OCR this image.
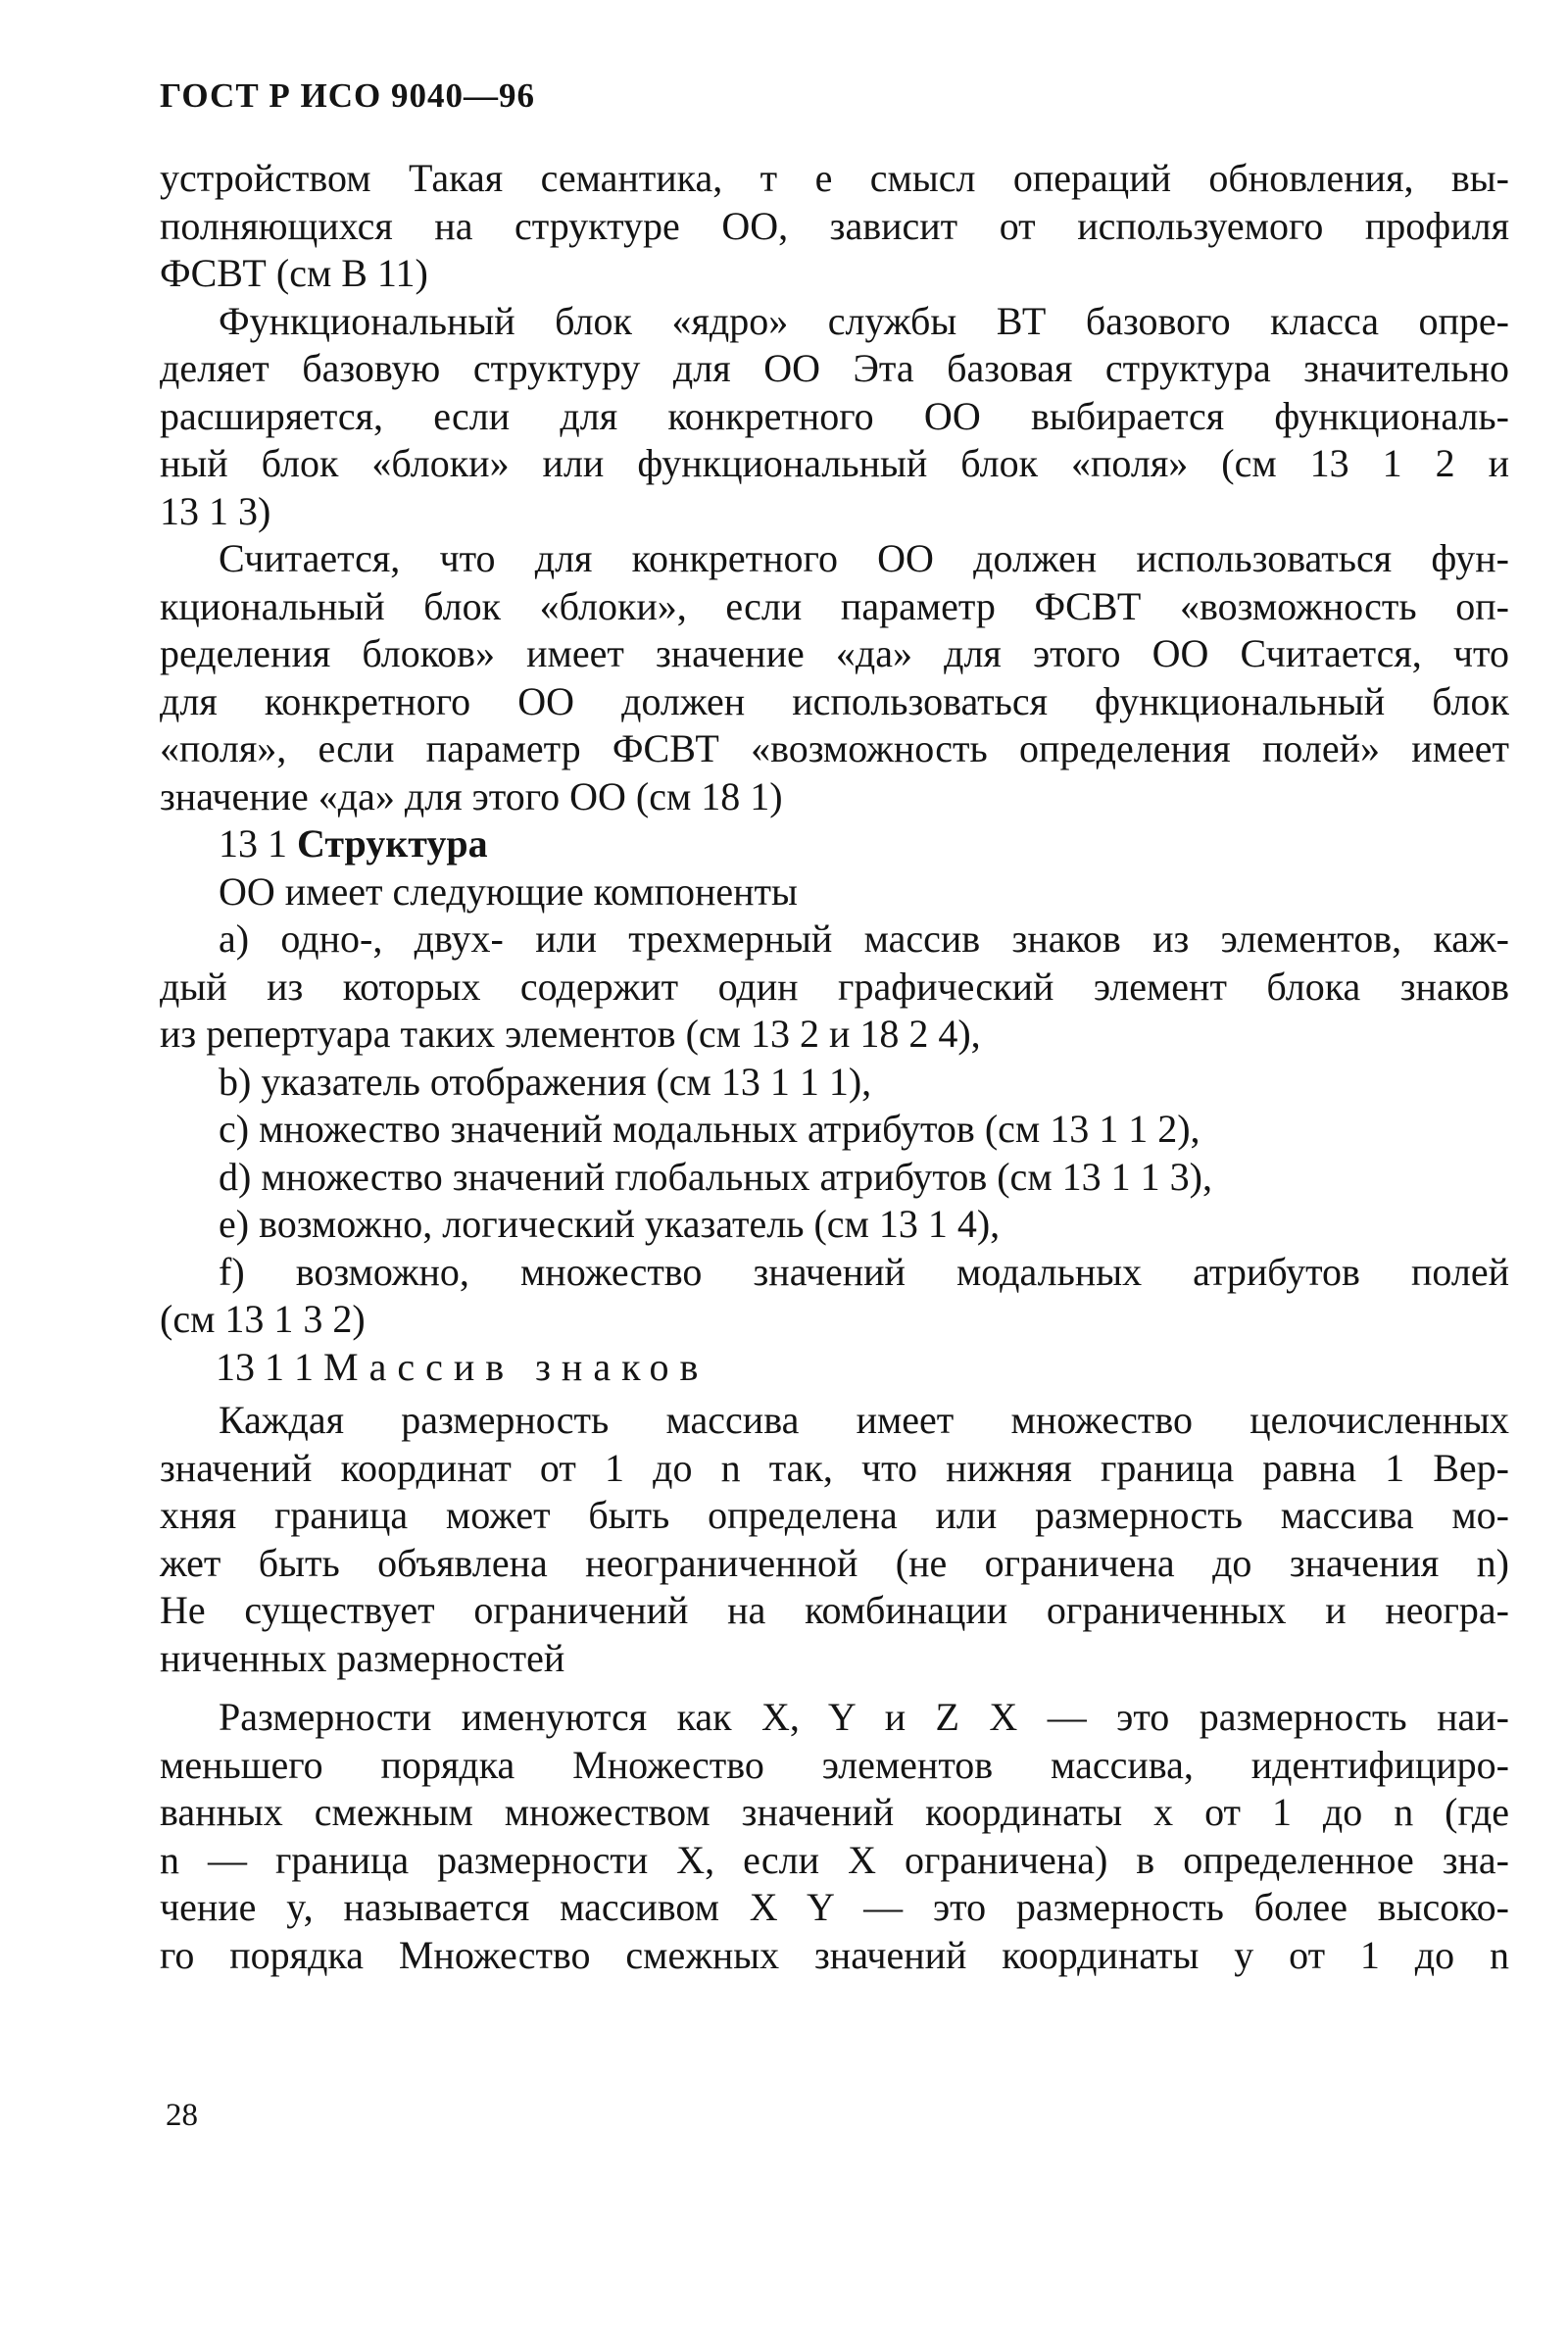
ГОСТ Р ИСО 9040—96
устройством Такая семантика, т е смысл операций обновления, вы-
полняющихся на структуре ОО, зависит от используемого профиля
ФСВТ (см В 11)
Функциональный блок «ядро» службы ВТ базового класса опре-
деляет базовую структуру для ОО Эта базовая структура значительно
расширяется, если для конкретного ОО выбирается функциональ-
ный блок «блоки» или функциональный блок «поля» (см 13 1 2 и
13 1 3)
Считается, что для конкретного ОО должен использоваться фун-
кциональный блок «блоки», если параметр ФСВТ «возможность оп-
ределения блоков» имеет значение «да» для этого ОО Считается, что
для конкретного ОО должен использоваться функциональный блок
«поля», если параметр ФСВТ «возможность определения полей» имеет
значение «да» для этого ОО (см 18 1)
13 1 Структура
ОО имеет следующие компоненты
а) одно-, двух- или трехмерный массив знаков из элементов, каж-
дый из которых содержит один графический элемент блока знаков
из репертуара таких элементов (см 13 2 и 18 2 4),
b) указатель отображения (см 13 1 1 1),
с) множество значений модальных атрибутов (см 13 1 1 2),
d) множество значений глобальных атрибутов (см 13 1 1 3),
е) возможно, логический указатель (см 13 1 4),
f) возможно, множество значений модальных атрибутов полей
(см 13 1 3 2)
13 1 1 Массив знаков
Каждая размерность массива имеет множество целочисленных
значений координат от 1 до n так, что нижняя граница равна 1 Вер-
хняя граница может быть определена или размерность массива мо-
жет быть объявлена неограниченной (не ограничена до значения n)
Не существует ограничений на комбинации ограниченных и неогра-
ниченных размерностей
Размерности именуются как X, Y и Z X — это размерность наи-
меньшего порядка Множество элементов массива, идентифициро-
ванных смежным множеством значений координаты x от 1 до n (где
n — граница размерности X, если X ограничена) в определенное зна-
чение y, называется массивом X Y — это размерность более высоко-
го порядка Множество смежных значений координаты y от 1 до n
28
